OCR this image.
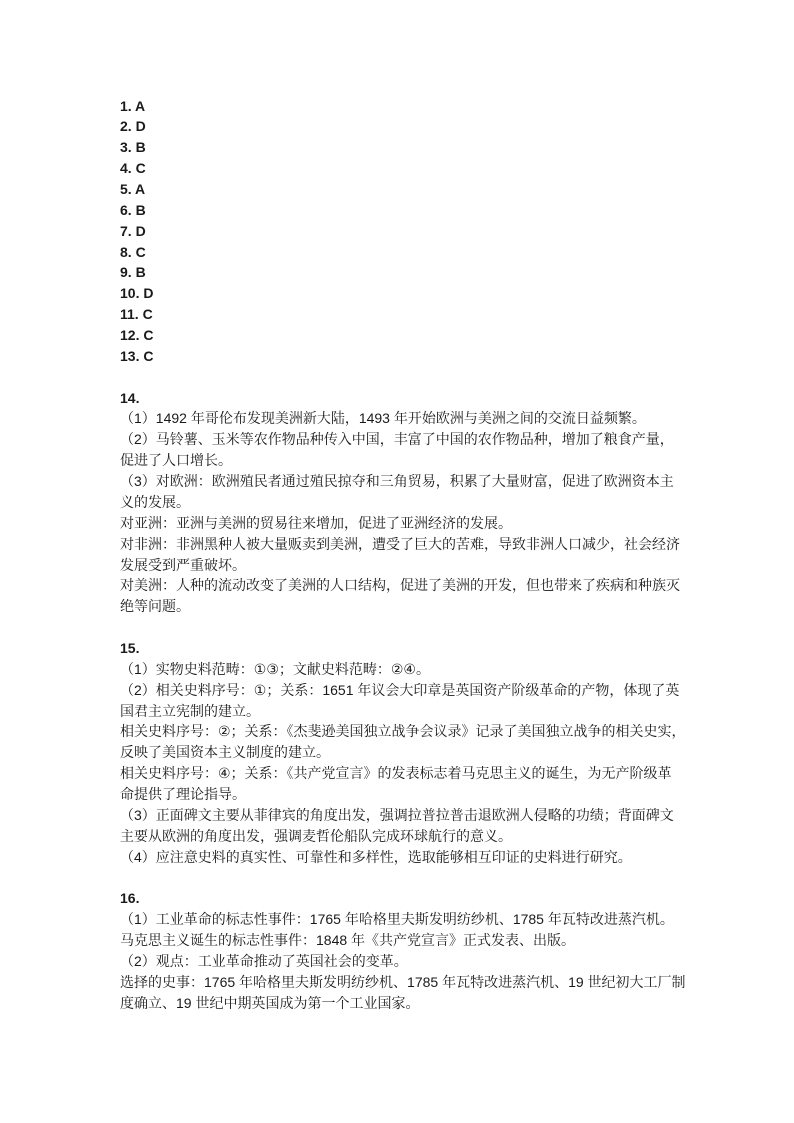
1. A
2. D
3. B
4. C
5. A
6. B
7. D
8. C
9. B
10. D
11. C
12. C
13. C
14.
（1）1492 年哥伦布发现美洲新大陆，1493 年开始欧洲与美洲之间的交流日益频繁。
（2）马铃薯、玉米等农作物品种传入中国，丰富了中国的农作物品种，增加了粮食产量，
促进了人口增长。
（3）对欧洲：欧洲殖民者通过殖民掠夺和三角贸易，积累了大量财富，促进了欧洲资本主
义的发展。
对亚洲：亚洲与美洲的贸易往来增加，促进了亚洲经济的发展。
对非洲：非洲黑种人被大量贩卖到美洲，遭受了巨大的苦难，导致非洲人口减少，社会经济
发展受到严重破坏。
对美洲：人种的流动改变了美洲的人口结构，促进了美洲的开发，但也带来了疾病和种族灭
绝等问题。
15.
（1）实物史料范畴：①③；文献史料范畴：②④。
（2）相关史料序号：①；关系：1651 年议会大印章是英国资产阶级革命的产物，体现了英
国君主立宪制的建立。
相关史料序号：②；关系：《杰斐逊美国独立战争会议录》记录了美国独立战争的相关史实，
反映了美国资本主义制度的建立。
相关史料序号：④；关系：《共产党宣言》的发表标志着马克思主义的诞生，为无产阶级革
命提供了理论指导。
（3）正面碑文主要从菲律宾的角度出发，强调拉普拉普击退欧洲人侵略的功绩；背面碑文
主要从欧洲的角度出发，强调麦哲伦船队完成环球航行的意义。
（4）应注意史料的真实性、可靠性和多样性，选取能够相互印证的史料进行研究。
16.
（1）工业革命的标志性事件：1765 年哈格里夫斯发明纺纱机、1785 年瓦特改进蒸汽机。
马克思主义诞生的标志性事件：1848 年《共产党宣言》正式发表、出版。
（2）观点：工业革命推动了英国社会的变革。
选择的史事：1765 年哈格里夫斯发明纺纱机、1785 年瓦特改进蒸汽机、19 世纪初大工厂制
度确立、19 世纪中期英国成为第一个工业国家。
